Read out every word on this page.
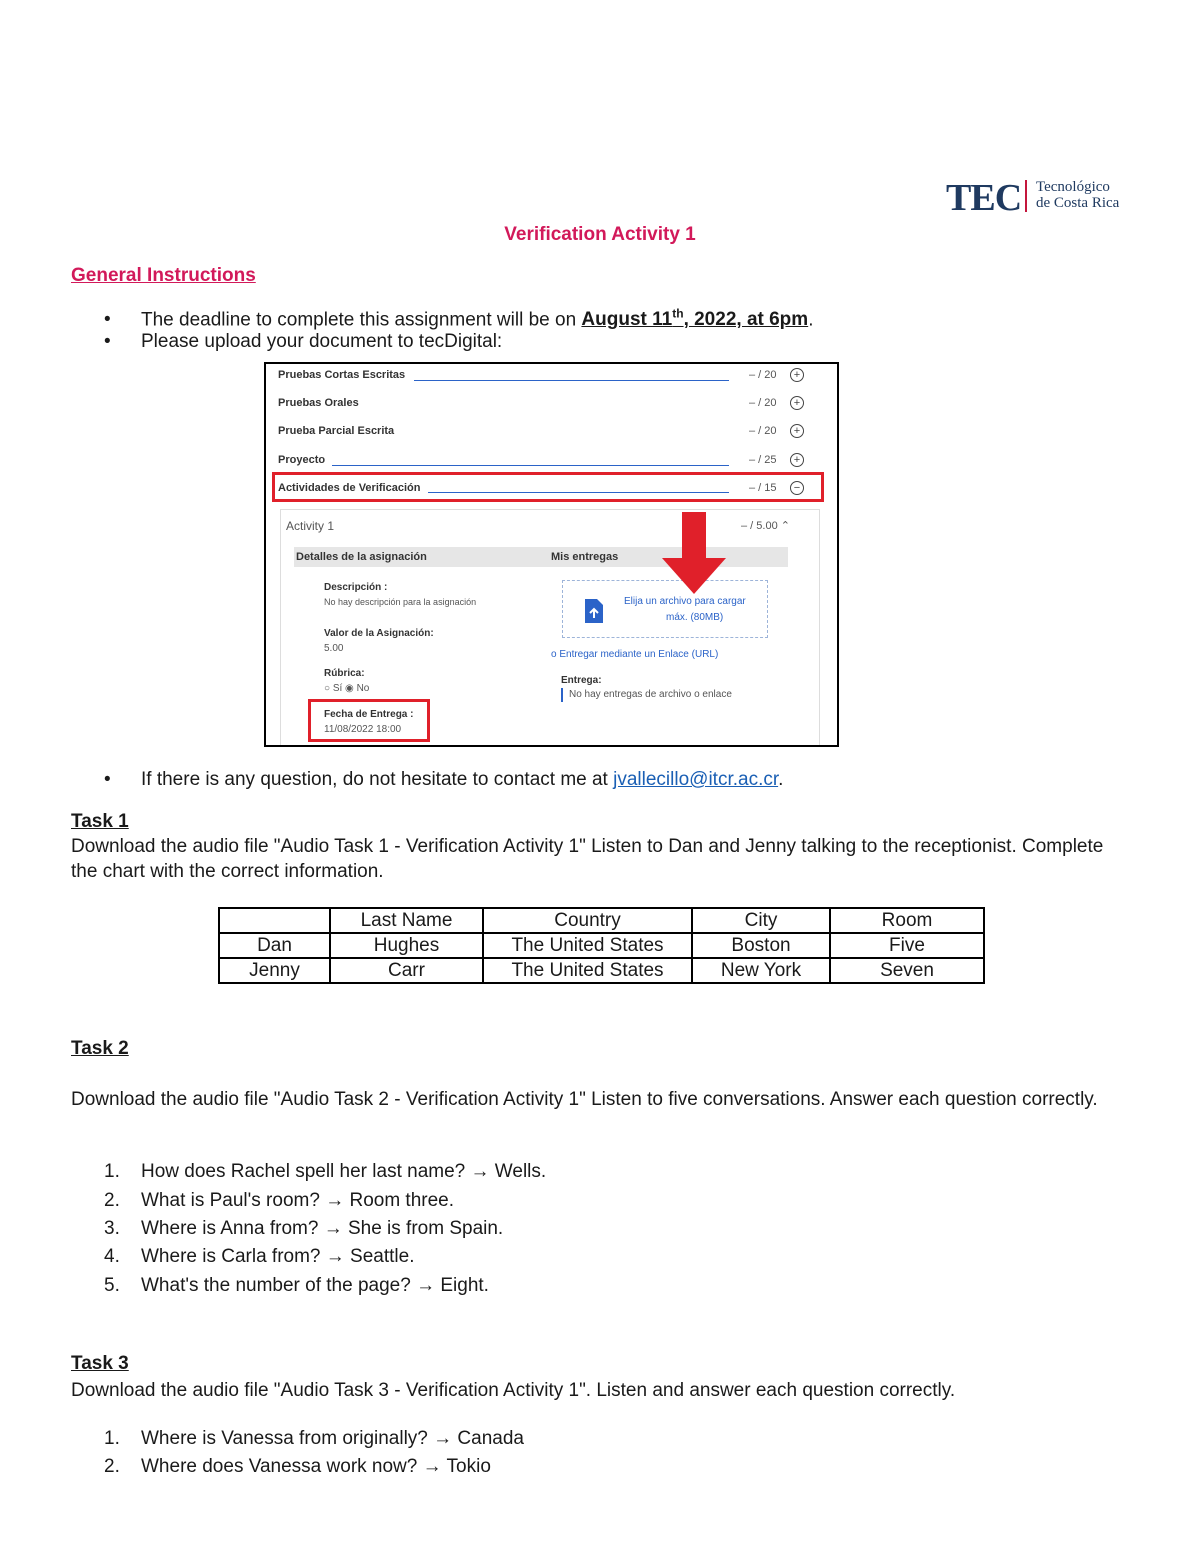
TEC Tecnológico
de Costa Rica
Verification Activity 1
General Instructions
• The deadline to complete this assignment will be on August 11th, 2022, at 6pm.
• Please upload your document to tecDigital:
Pruebas Cortas Escritas	– / 20	+
Pruebas Orales	– / 20	+
Prueba Parcial Escrita	– / 20	+
Proyecto	– / 25	+
Actividades de Verificación	– / 15	−
Activity 1	– / 5.00 ⌃
Detalles de la asignación	Mis entregas
Descripción :
No hay descripción para la asignación
Valor de la Asignación:
5.00
Rúbrica:
○ Sí ◉ No
Fecha de Entrega :
11/08/2022 18:00
Elija un archivo para cargar
máx. (80MB)
o Entregar mediante un Enlace (URL)
Entrega:
No hay entregas de archivo o enlace
• If there is any question, do not hesitate to contact me at jvallecillo@itcr.ac.cr.
Task 1
Download the audio file "Audio Task 1 - Verification Activity 1" Listen to Dan and Jenny talking to the receptionist. Complete the chart with the correct information.
	Last Name	Country	City	Room
Dan	Hughes	The United States	Boston	Five
Jenny	Carr	The United States	New York	Seven
Task 2
Download the audio file "Audio Task 2 - Verification Activity 1" Listen to five conversations. Answer each question correctly.
1. How does Rachel spell her last name? → Wells.
2. What is Paul's room? → Room three.
3. Where is Anna from? → She is from Spain.
4. Where is Carla from? → Seattle.
5. What's the number of the page? → Eight.
Task 3
Download the audio file "Audio Task 3 - Verification Activity 1". Listen and answer each question correctly.
1. Where is Vanessa from originally? → Canada
2. Where does Vanessa work now? → Tokio
